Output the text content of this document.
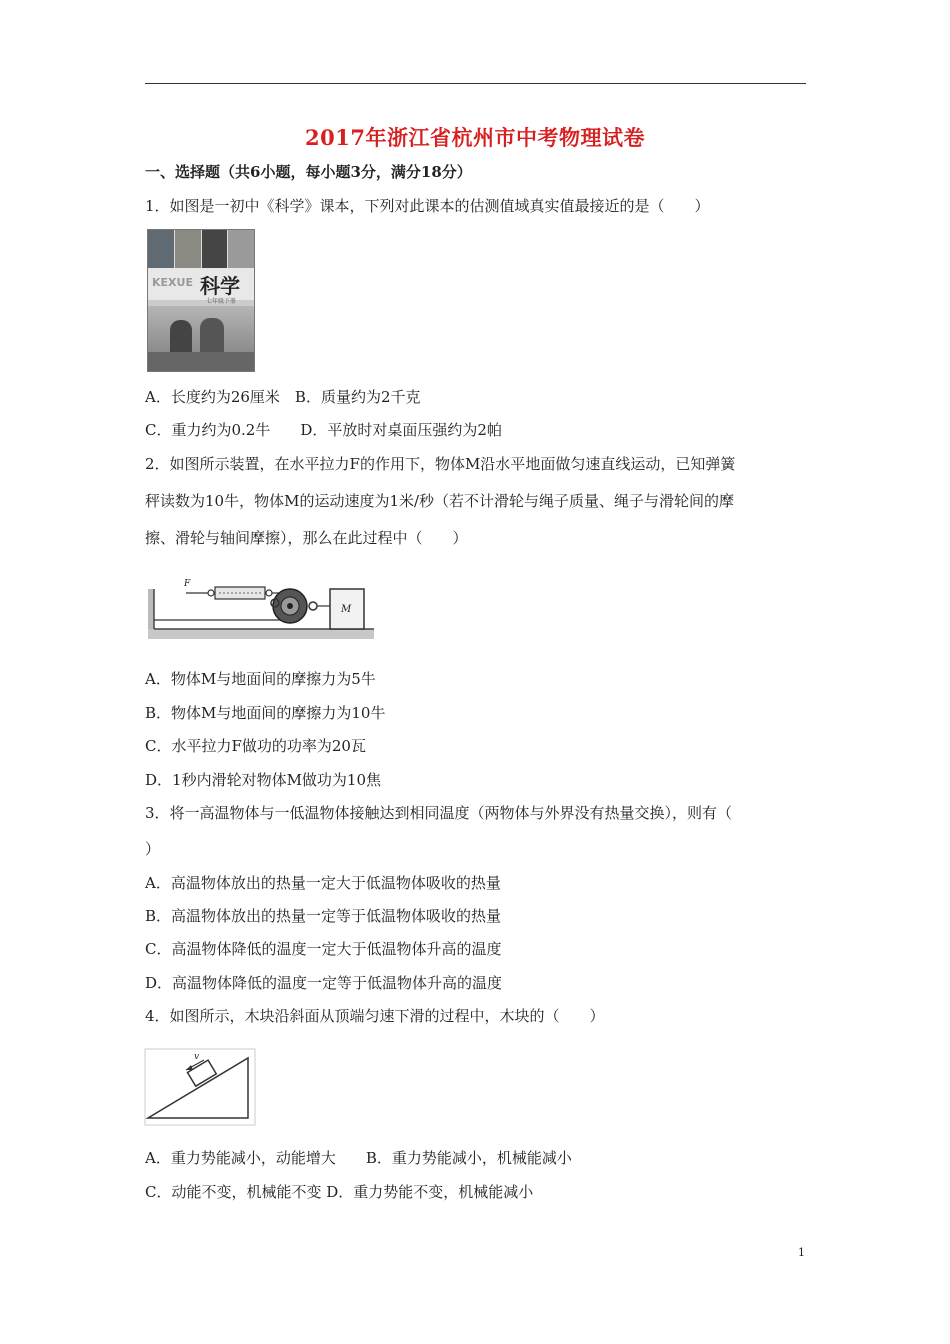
2017年浙江省杭州市中考物理试卷
一、选择题（共6小题，每小题3分，满分18分）
1．如图是一初中《科学》课本，下列对此课本的估测值域真实值最接近的是（　　）
KEXUE 科学
七年级下册
A．长度约为26厘米　B．质量约为2千克
C．重力约为0.2牛　　D．平放时对桌面压强约为2帕
2．如图所示装置，在水平拉力F的作用下，物体M沿水平地面做匀速直线运动，已知弹簧
秤读数为10牛，物体M的运动速度为1米/秒（若不计滑轮与绳子质量、绳子与滑轮间的摩
擦、滑轮与轴间摩擦），那么在此过程中（　　）
F
M
A．物体M与地面间的摩擦力为5牛
B．物体M与地面间的摩擦力为10牛
C．水平拉力F做功的功率为20瓦
D．1秒内滑轮对物体M做功为10焦
3．将一高温物体与一低温物体接触达到相同温度（两物体与外界没有热量交换），则有（
）
A．高温物体放出的热量一定大于低温物体吸收的热量
B．高温物体放出的热量一定等于低温物体吸收的热量
C．高温物体降低的温度一定大于低温物体升高的温度
D．高温物体降低的温度一定等于低温物体升高的温度
4．如图所示，木块沿斜面从顶端匀速下滑的过程中，木块的（　　）
v
A．重力势能减小，动能增大　　B．重力势能减小，机械能减小
C．动能不变，机械能不变 D．重力势能不变，机械能减小
1
